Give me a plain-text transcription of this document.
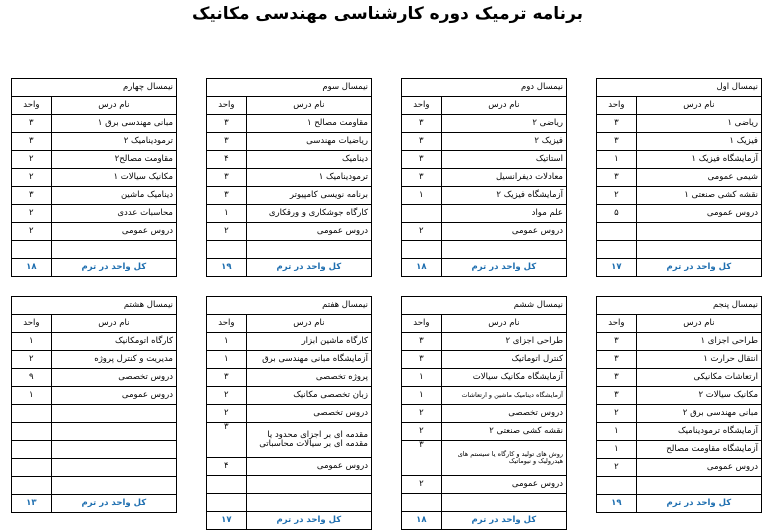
برنامه ترمیک دوره کارشناسی مهندسی مکانیک
نیمسال اول	
نام درس	واحد
ریاضی ۱	۳
فیزیک ۱	۳
آزمایشگاه فیزیک ۱	۱
شیمی عمومی	۳
نقشه کشی صنعتی ۱	۲
دروس عمومی	۵

کل واحد در ترم	۱۷
نیمسال دوم	
نام درس	واحد
ریاضی ۲	۳
فیزیک ۲	۳
استاتیک	۳
معادلات دیفرانسیل	۳
آزمایشگاه فیزیک ۲	۱
علم مواد	
دروس عمومی	۲

کل واحد در ترم	۱۸
نیمسال سوم	
نام درس	واحد
مقاومت مصالح ۱	۳
ریاضیات مهندسی	۳
دینامیک	۴
ترمودینامیک ۱	۳
برنامه نویسی کامپیوتر	۳
کارگاه جوشکاری و ورقکاری	۱
دروس عمومی	۲

کل واحد در ترم	۱۹
نیمسال چهارم	
نام درس	واحد
مبانی مهندسی برق ۱	۳
ترمودینامیک ۲	۳
مقاومت مصالح۲	۲
مکانیک سیالات ۱	۲
دینامیک ماشین	۳
محاسبات عددی	۲
دروس عمومی	۲

کل واحد در ترم	۱۸
نیمسال پنجم	
نام درس	واحد
طراحی اجزای ۱	۳
انتقال حرارت ۱	۳
ارتعاشات مکانیکی	۳
مکانیک سیالات ۲	۳
مبانی مهندسی برق ۲	۲
آزمایشگاه ترمودینامیک	۱
آزمایشگاه مقاومت مصالح	۱
دروس عمومی	۲

کل واحد در ترم	۱۹
نیمسال ششم	
نام درس	واحد
طراحی اجزای ۲	۳
کنترل اتوماتیک	۳
آزمایشگاه مکانیک سیالات	۱
آزمایشگاه دینامیک ماشین و ارتعاشات	۱
دروس تخصصی	۲
نقشه کشی صنعتی ۲	۲
روش های تولید و کارگاه یا سیستم های هیدرولیک و نیوماتیک	۳
دروس عمومی	۲

کل واحد در ترم	۱۸
نیمسال هفتم	
نام درس	واحد
کارگاه ماشین ابزار	۱
آزمایشگاه مبانی مهندسی برق	۱
پروژه تخصصی	۳
زبان تخصصی مکانیک	۲
دروس تخصصی	۲
مقدمه ای بر اجزای محدود یا مقدمه ای بر سیالات محاسباتی	۳
دروس عمومی	۴

کل واحد در ترم	۱۷
نیمسال هشتم	
نام درس	واحد
کارگاه اتومکانیک	۱
مدیریت و کنترل پروژه	۲
دروس تخصصی	۹
دروس عمومی	۱

کل واحد در ترم	۱۳
